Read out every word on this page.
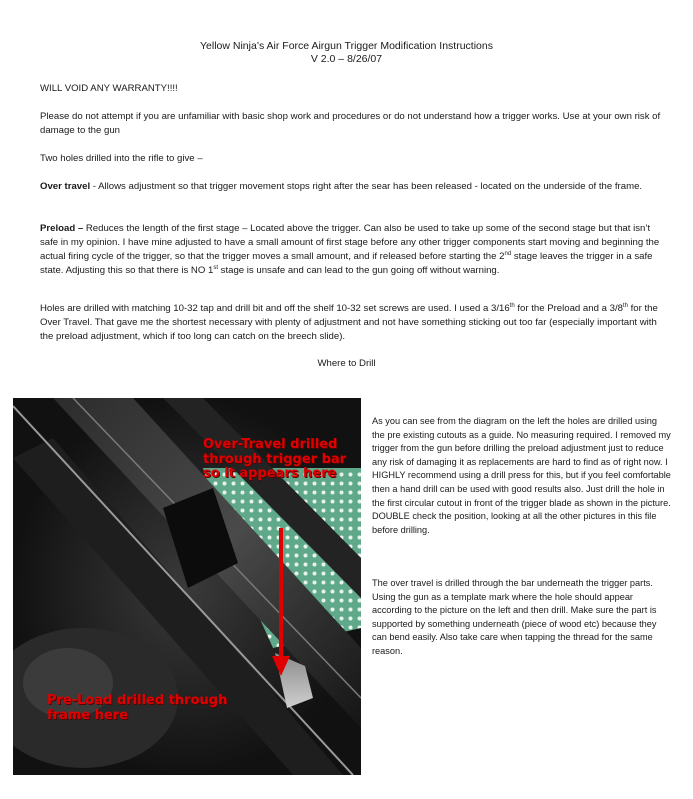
Yellow Ninja’s Air Force Airgun Trigger Modification Instructions
V 2.0 – 8/26/07
WILL VOID ANY WARRANTY!!!!
Please do not attempt if you are unfamiliar with basic shop work and procedures or do not understand how a trigger works. Use at your own risk of damage to the gun
Two holes drilled into the rifle to give –
Over travel - Allows adjustment so that trigger movement stops right after the sear has been released - located on the underside of the frame.
Preload – Reduces the length of the first stage – Located above the trigger. Can also be used to take up some of the second stage but that isn’t safe in my opinion. I have mine adjusted to have a small amount of first stage before any other trigger components start moving and beginning the actual firing cycle of the trigger, so that the trigger moves a small amount, and if released before starting the 2nd stage leaves the trigger in a safe state. Adjusting this so that there is NO 1st stage is unsafe and can lead to the gun going off without warning.
Holes are drilled with matching 10-32 tap and drill bit and off the shelf 10-32 set screws are used. I used a 3/16th for the Preload and a 3/8th for the Over Travel. That gave me the shortest necessary with plenty of adjustment and not have something sticking out too far (especially important with the preload adjustment, which if too long can catch on the breech slide).
Where to Drill
Over-Travel drilled
through trigger bar
so it appears here
Pre-Load drilled through
frame here
As you can see from the diagram on the left the holes are drilled using the pre existing cutouts as a guide. No measuring required. I removed my trigger from the gun before drilling the preload adjustment just to reduce any risk of damaging it as replacements are hard to find as of right now. I HIGHLY recommend using a drill press for this, but if you feel comfortable then a hand drill can be used with good results also. Just drill the hole in the first circular cutout in front of the trigger blade as shown in the picture. DOUBLE check the position, looking at all the other pictures in this file before drilling.
The over travel is drilled through the bar underneath the trigger parts. Using the gun as a template mark where the hole should appear according to the picture on the left and then drill. Make sure the part is supported by something underneath (piece of wood etc) because they can bend easily. Also take care when tapping the thread for the same reason.
